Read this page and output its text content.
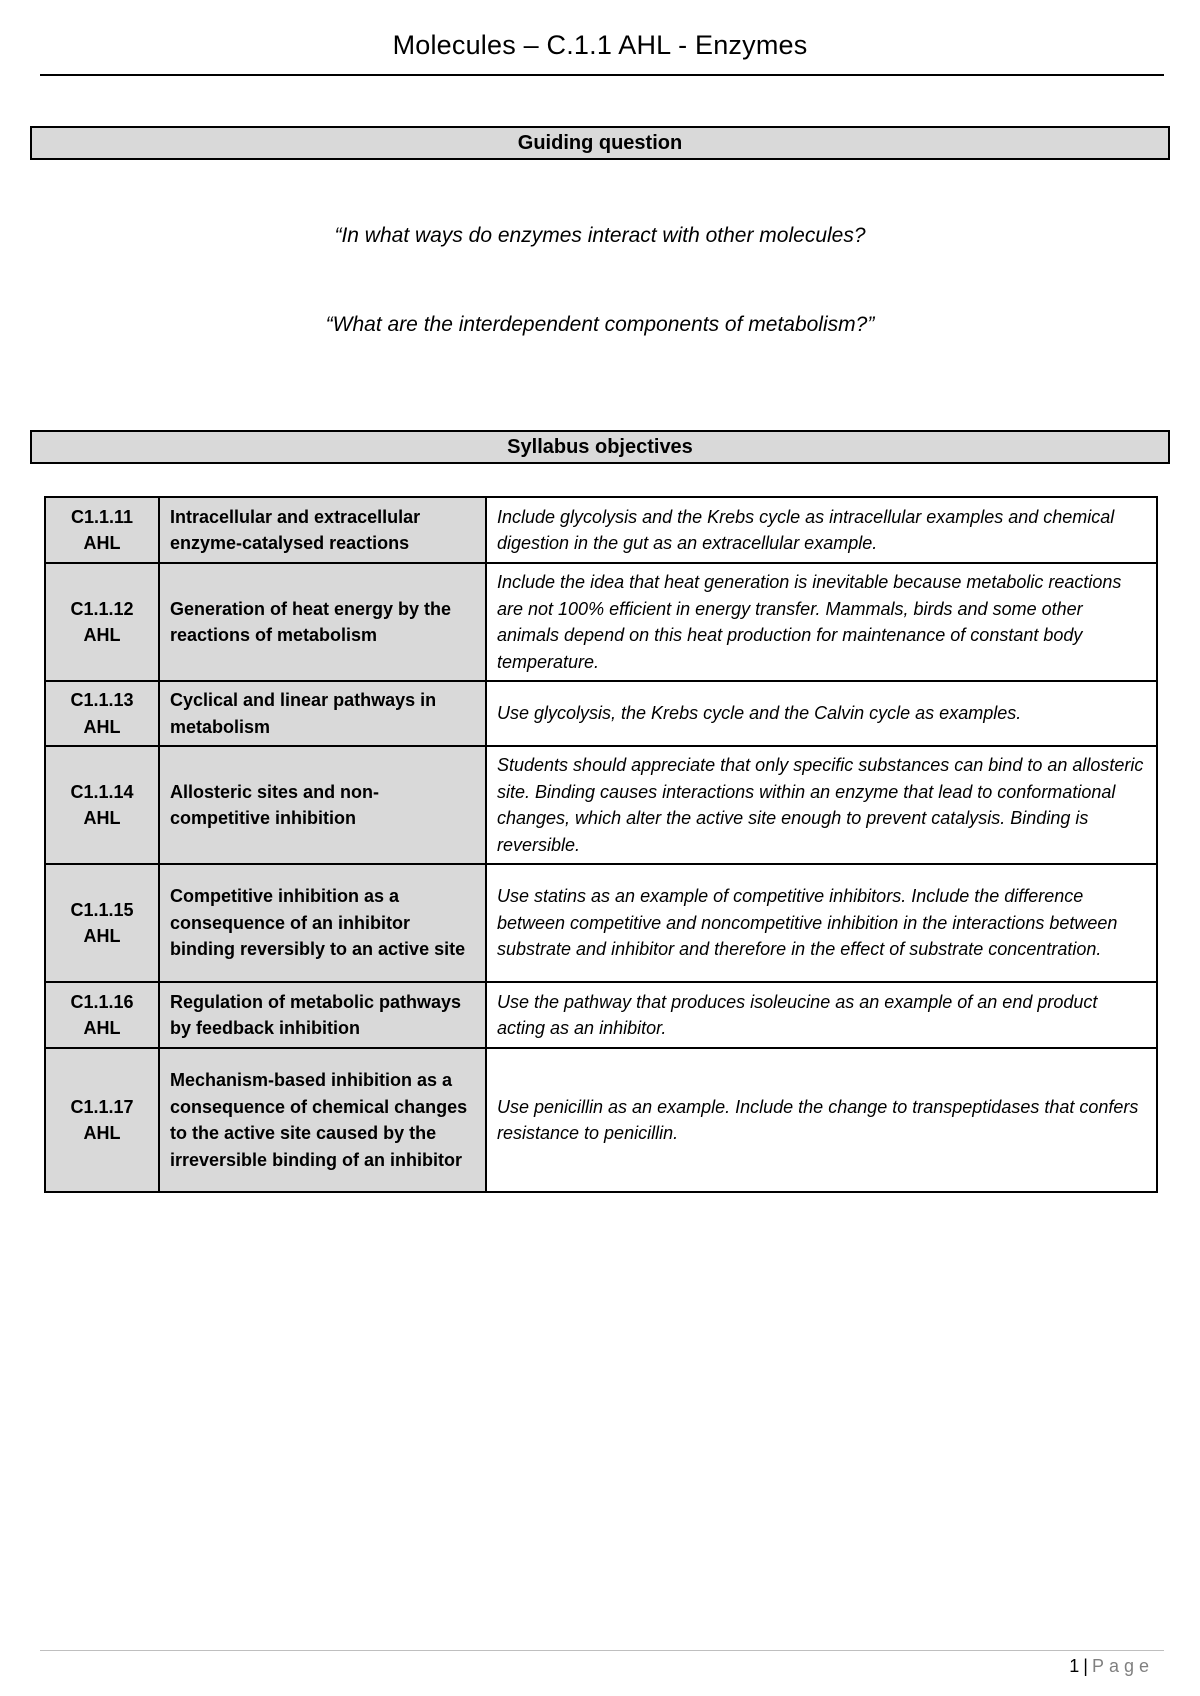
Molecules – C.1.1 AHL - Enzymes
Guiding question
“In what ways do enzymes interact with other molecules?
“What are the interdependent components of metabolism?”
Syllabus objectives
C1.1.11
AHL	Intracellular and extracellular enzyme-catalysed reactions	Include glycolysis and the Krebs cycle as intracellular examples and chemical digestion in the gut as an extracellular example.

C1.1.12
AHL	Generation of heat energy by the reactions of metabolism	Include the idea that heat generation is inevitable because metabolic reactions are not 100% efficient in energy transfer. Mammals, birds and some other animals depend on this heat production for maintenance of constant body temperature.

C1.1.13
AHL	Cyclical and linear pathways in metabolism	Use glycolysis, the Krebs cycle and the Calvin cycle as examples.

C1.1.14
AHL	Allosteric sites and non-competitive inhibition	Students should appreciate that only specific substances can bind to an allosteric site. Binding causes interactions within an enzyme that lead to conformational changes, which alter the active site enough to prevent catalysis. Binding is reversible.

C1.1.15
AHL	Competitive inhibition as a consequence of an inhibitor binding reversibly to an active site	Use statins as an example of competitive inhibitors. Include the difference between competitive and noncompetitive inhibition in the interactions between substrate and inhibitor and therefore in the effect of substrate concentration.

C1.1.16
AHL	Regulation of metabolic pathways by feedback inhibition	Use the pathway that produces isoleucine as an example of an end product acting as an inhibitor.

C1.1.17
AHL	Mechanism-based inhibition as a consequence of chemical changes to the active site caused by the irreversible binding of an inhibitor	Use penicillin as an example. Include the change to transpeptidases that confers resistance to penicillin.
1 | Page
